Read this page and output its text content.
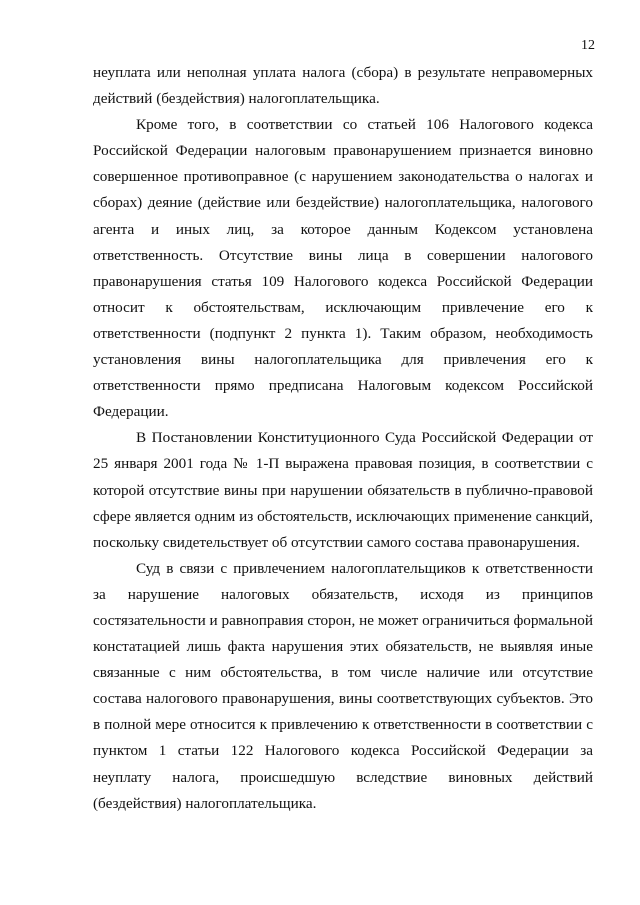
12

неуплата или неполная уплата налога (сбора) в результате неправомерных действий (бездействия) налогоплательщика.

Кроме того, в соответствии со статьей 106 Налогового кодекса Российской Федерации налоговым правонарушением признается виновно совершенное противоправное (с нарушением законодательства о налогах и сборах) деяние (действие или бездействие) налогоплательщика, налогового агента и иных лиц, за которое данным Кодексом установлена ответственность. Отсутствие вины лица в совершении налогового правонарушения статья 109 Налогового кодекса Российской Федерации относит к обстоятельствам, исключающим привлечение его к ответственности (подпункт 2 пункта 1). Таким образом, необходимость установления вины налогоплательщика для привлечения его к ответственности прямо предписана Налоговым кодексом Российской Федерации.

В Постановлении Конституционного Суда Российской Федерации от 25 января 2001 года № 1-П выражена правовая позиция, в соответствии с которой отсутствие вины при нарушении обязательств в публично-правовой сфере является одним из обстоятельств, исключающих применение санкций, поскольку свидетельствует об отсутствии самого состава правонарушения.

Суд в связи с привлечением налогоплательщиков к ответственности за нарушение налоговых обязательств, исходя из принципов состязательности и равноправия сторон, не может ограничиться формальной констатацией лишь факта нарушения этих обязательств, не выявляя иные связанные с ним обстоятельства, в том числе наличие или отсутствие состава налогового правонарушения, вины соответствующих субъектов. Это в полной мере относится к привлечению к ответственности в соответствии с пунктом 1 статьи 122 Налогового кодекса Российской Федерации за неуплату налога, происшедшую вследствие виновных действий (бездействия) налогоплательщика.
